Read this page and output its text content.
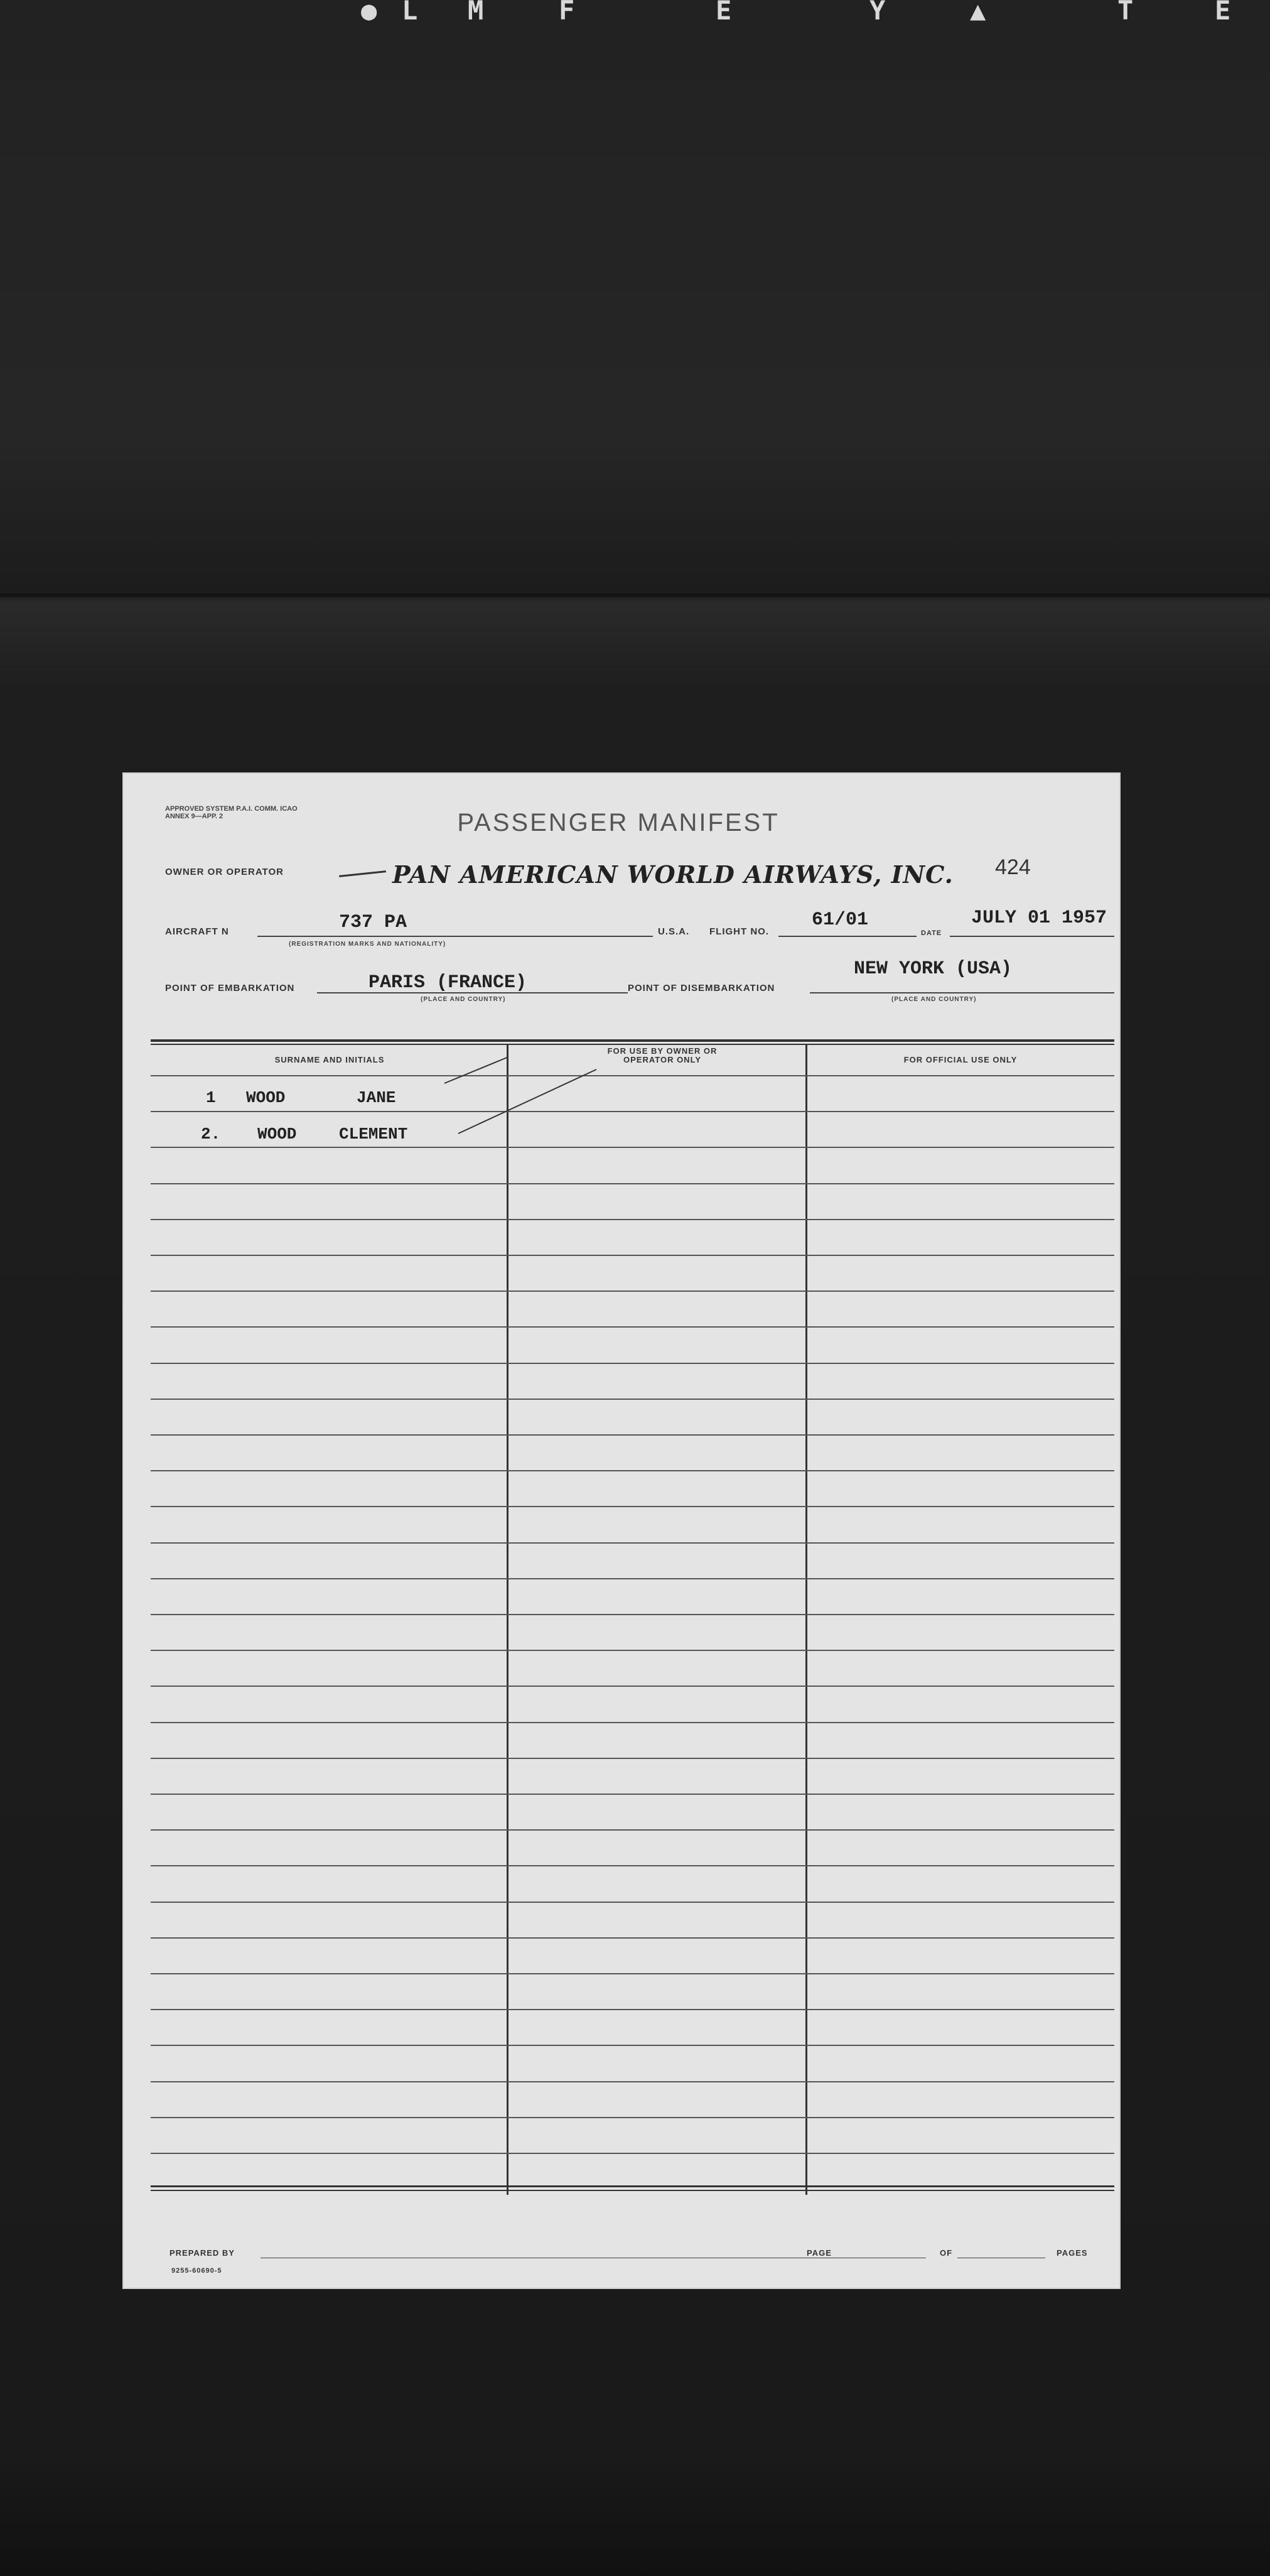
● L M	F	E	Y	▲	T	E
APPROVED SYSTEM P.A.I. COMM. ICAO ANNEX 9—APP. 2	PASSENGER MANIFEST
OWNER OR OPERATOR	PAN AMERICAN WORLD AIRWAYS, INC. 424
AIRCRAFT N	737 PA
(REGISTRATION MARKS AND NATIONALITY)
U.S.A. FLIGHT NO.
61/01
DATE
JULY 01 1957
POINT OF EMBARKATION	PARIS (FRANCE)
(PLACE AND COUNTRY)
POINT OF DISEMBARKATION
NEW YORK (USA)
(PLACE AND COUNTRY)
SURNAME AND INITIALS
FOR USE BY OWNER OR OPERATOR ONLY	FOR OFFICIAL USE ONLY
1 WOOD	JANE
2. WOOD	CLEMENT
PREPARED BY	PAGE	OF	PAGES
9255-60690-5
